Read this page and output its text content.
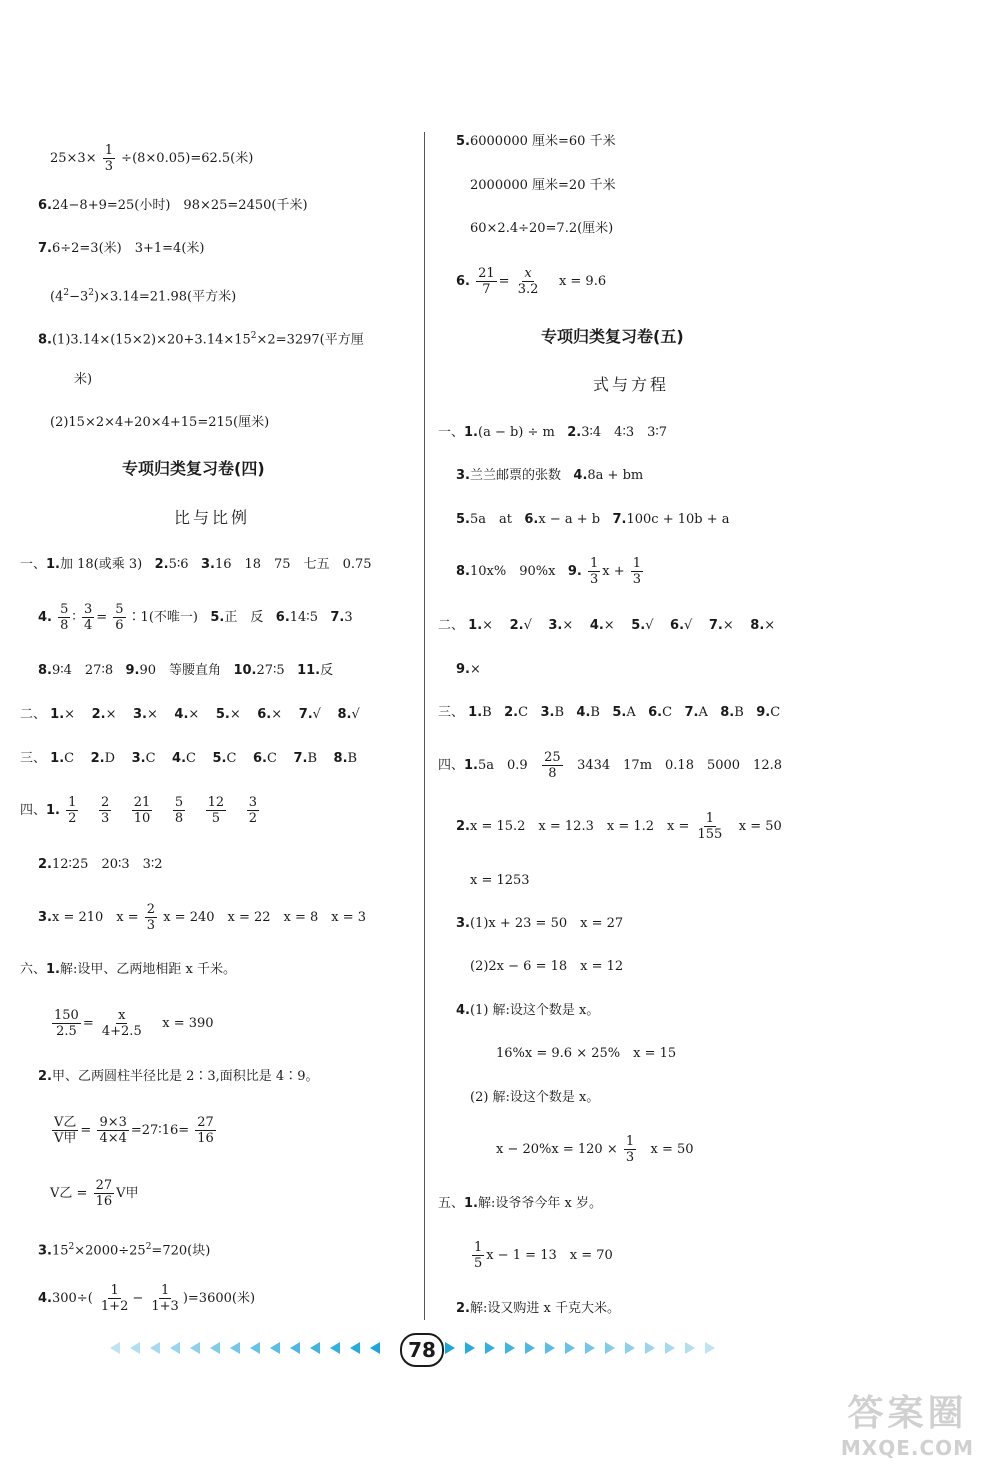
$25\times 3\times \frac{1}{3} \div(8\times 0.05)=62.5$(米)
6.24−8+9=25(小时)　98×25=2450(千米)
7.6÷2=3(米)　3+1=4(米)
$(4^2-3^2)\times 3.14=21.98$(平方米)
$8.(1)3.14\times(15\times 2)\times 20+3.14\times 15^2\times 2=3297$(平方厘
米)
(2)15×2×4+20×4+15=215(厘米)
专项归类复习卷(四)
比与比例
一、1.加 18(或乘 3) 2.5∶6 3.16　18　75　七五　0.75
4. $\frac{5}{8}$ ∶ $\frac{3}{4} = \frac{5}{6}$ ∶1(不唯一) 5.正　反 6.14∶5 7.3
8.9∶4　27∶8 9.90　等腰直角 10.27∶5 11.反
二、 1.× 2.× 3.× 4.× 5.× 6.× 7.√ 8.√
三、 1.C 2.D 3.C 4.C 5.C 6.C 7.B 8.B
四、1. $\frac{1}{2}$
$\frac{2}{3}$
$\frac{21}{10}$
$\frac{5}{8}$
$\frac{12}{5}$
$\frac{3}{2}$
2.12∶25　20∶3　3∶2
3.x = 210　$x = \frac{2}{3}$ x = 240　x = 22　x = 8　x = 3
六、1.解:设甲、乙两地相距 x 千米。
$\frac{150}{2.5} = \frac{x}{4+2.5}$ x = 390
2.甲、乙两圆柱半径比是 2∶3,面积比是 4∶9。
V乙
V甲
= $\frac{9\times 3}{4\times 4}$ =27∶16= $\frac{27}{16}$
V乙 = $\frac{27}{16}$ V甲
$3.15^2\times 2000\div 25^2=720$(块)
$4.300\div( \frac{1}{1+2} - \frac{1}{1+3} )=3600$(米)
5.6000000 厘米=60 千米
2000000 厘米=20 千米
60×2.4÷20=7.2(厘米)
6. $\frac{21}{7} = \frac{x}{3.2}$ x = 9.6
专项归类复习卷(五)
式与方程
一、1.(a − b) ÷ m 2.3∶4　4∶3　3∶7
3.兰兰邮票的张数 4.8a + bm
5.5a　at 6.x − a + b 7.100c + 10b + a
8.10x%　90%x 9. $\frac{1}{3}$ $x + \frac{1}{3}$
二、 1.× 2.√ 3.× 4.× 5.√ 6.√ 7.× 8.×
9.×
三、 1.B 2.C 3.B 4.B 5.A 6.C 7.A 8.B 9.C
四、1.5a　$0.9 \frac{25}{8} 3434$　17m　0.18　5000　12.8
2.x = 15.2　x = 12.3　x = 1.2　$x = \frac{1}{155}$ x = 50
x = 1253
3.(1)x + 23 = 50　x = 27
(2)2x − 6 = 18　x = 12
4.(1) 解:设这个数是 x。
16%x = 9.6 × 25%　x = 15
(2) 解:设这个数是 x。
$x - 20\%x = 120 \times \frac{1}{3}$ x = 50
五、1.解:设爷爷今年 x 岁。
$\frac{1}{5}$ x − 1 = 13　x = 70
2.解:设又购进 x 千克大米。
78
答案圈
MXQE.COM
